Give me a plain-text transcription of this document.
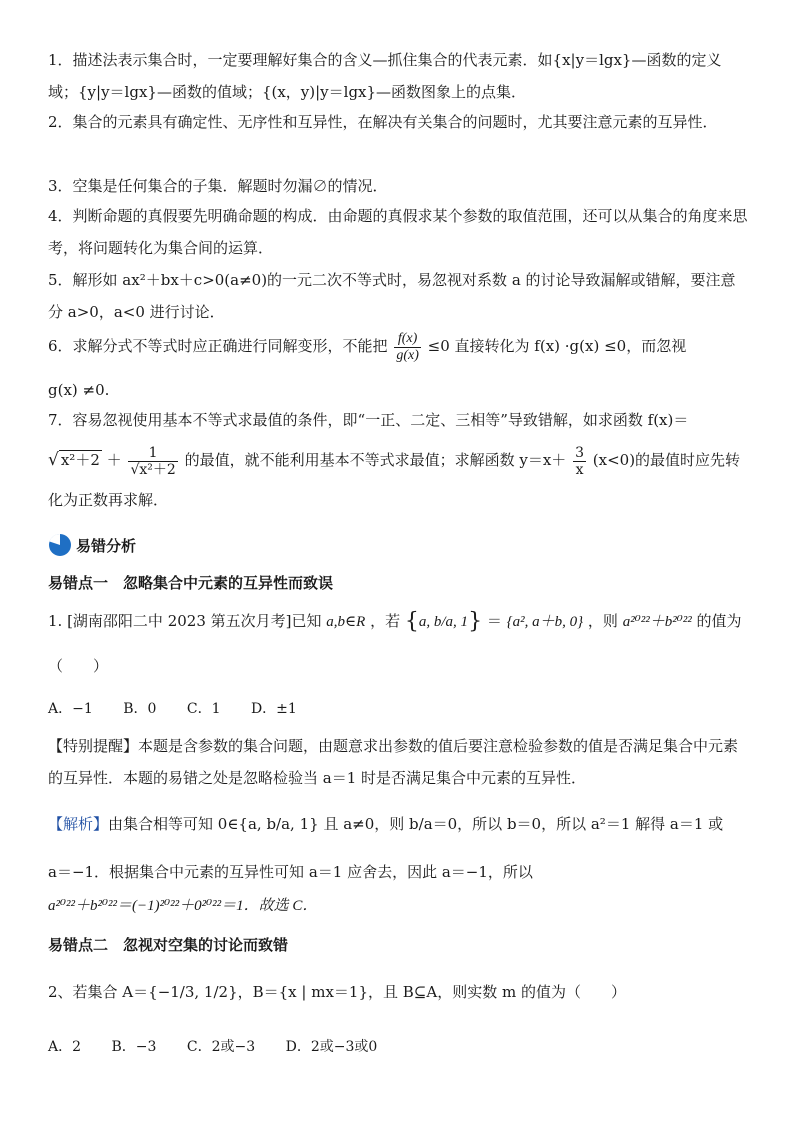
1．描述法表示集合时，一定要理解好集合的含义—抓住集合的代表元素．如{x|y＝lgx}—函数的定义域；{y|y＝lgx}—函数的值域；{(x，y)|y＝lgx}—函数图象上的点集．
2．集合的元素具有确定性、无序性和互异性，在解决有关集合的问题时，尤其要注意元素的互异性．
3．空集是任何集合的子集．解题时勿漏∅的情况．
4．判断命题的真假要先明确命题的构成．由命题的真假求某个参数的取值范围，还可以从集合的角度来思考，将问题转化为集合间的运算．
5．解形如 ax²＋bx＋c>0(a≠0)的一元二次不等式时，易忽视对系数 a 的讨论导致漏解或错解，要注意分 a>0，a<0 进行讨论．
6．求解分式不等式时应正确进行同解变形，不能把 $\frac{f(x)}{g(x)} \le 0$ 直接转化为 f(x) ·g(x) ≤0，而忽视
g(x) ≠0.
7．容易忽视使用基本不等式求最值的条件，即“一正、二定、三相等”导致错解，如求函数 f(x)＝
√ $x^2+2 + \frac{1}{\text{√x²＋2}}$ 的最值，就不能利用基本不等式求最值；求解函数 $y=x+ \frac{3}{x} (x<0)$的最值时应先转化为正数再求解．
易错分析
易错点一　忽略集合中元素的互异性而致误
1. [湖南邵阳二中 2023 第五次月考]已知 a,b∈R ，若 {a, b/a, 1} ＝ {a², a＋b, 0} ，则 a²⁰²²＋b²⁰²² 的值为
（　　）
A．−1 B．0 C．1 D．±1
【特别提醒】本题是含参数的集合问题，由题意求出参数的值后要注意检验参数的值是否满足集合中元素的互异性．本题的易错之处是忽略检验当 a＝1 时是否满足集合中元素的互异性．
【解析】由集合相等可知 0∈{a, b/a, 1} 且 a≠0，则 b/a＝0，所以 b＝0，所以 a²＝1 解得 a＝1 或
a＝−1．根据集合中元素的互异性可知 a＝1 应舍去，因此 a＝−1，所以
a²⁰²²＋b²⁰²²＝(−1)²⁰²²＋0²⁰²²＝1．故选 C．
易错点二　忽视对空集的讨论而致错
2、若集合 A＝{−1/3, 1/2}，B＝{x | mx＝1}，且 B⊆A，则实数 m 的值为（　　）
A．2 B．−3 C．2或−3 D．2或−3或0
